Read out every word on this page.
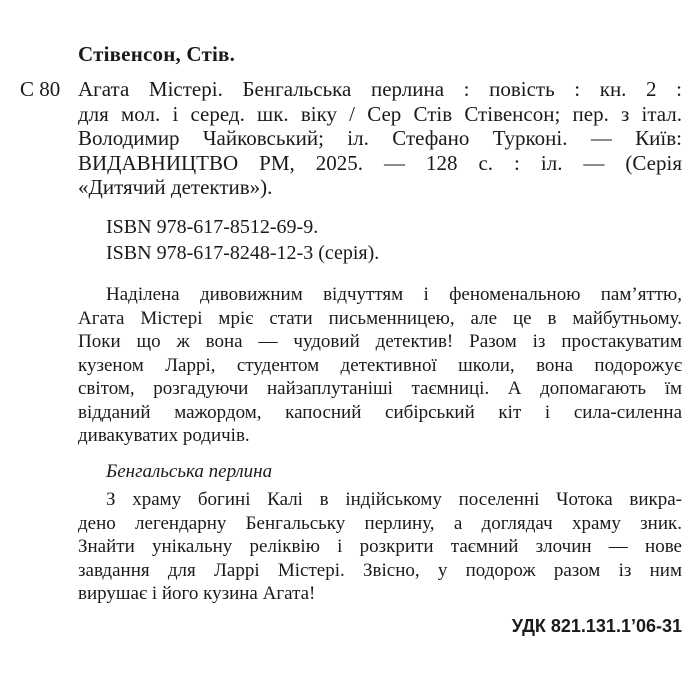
Стівенсон, Стів.
С 80 Агата Містері. Бенгальська перлина : повість : кн. 2 :
для мол. і серед. шк. віку / Сер Стів Стівенсон; пер. з італ.
Володимир Чайковський; іл. Стефано Турконі. — Київ:
ВИДАВНИЦТВО РМ, 2025. — 128 с. : іл. — (Серія
«Дитячий детектив»).
ISBN 978-617-8512-69-9.
ISBN 978-617-8248-12-3 (серія).
Наділена дивовижним відчуттям і феноменальною пам’яттю,
Агата Містері мріє стати письменницею, але це в майбутньому.
Поки що ж вона — чудовий детектив! Разом із простакуватим
кузеном Ларрі, студентом детективної школи, вона подорожує
світом, розгадуючи найзаплутаніші таємниці. А допомагають їм
відданий мажордом, капосний сибірський кіт і сила-силенна
дивакуватих родичів.
Бенгальська перлина
З храму богині Калі в індійському поселенні Чотока викра-
дено легендарну Бенгальську перлину, а доглядач храму зник.
Знайти унікальну реліквію і розкрити таємний злочин — нове
завдання для Ларрі Містері. Звісно, у подорож разом із ним
вирушає і його кузина Агата!
УДК 821.131.1’06-31
